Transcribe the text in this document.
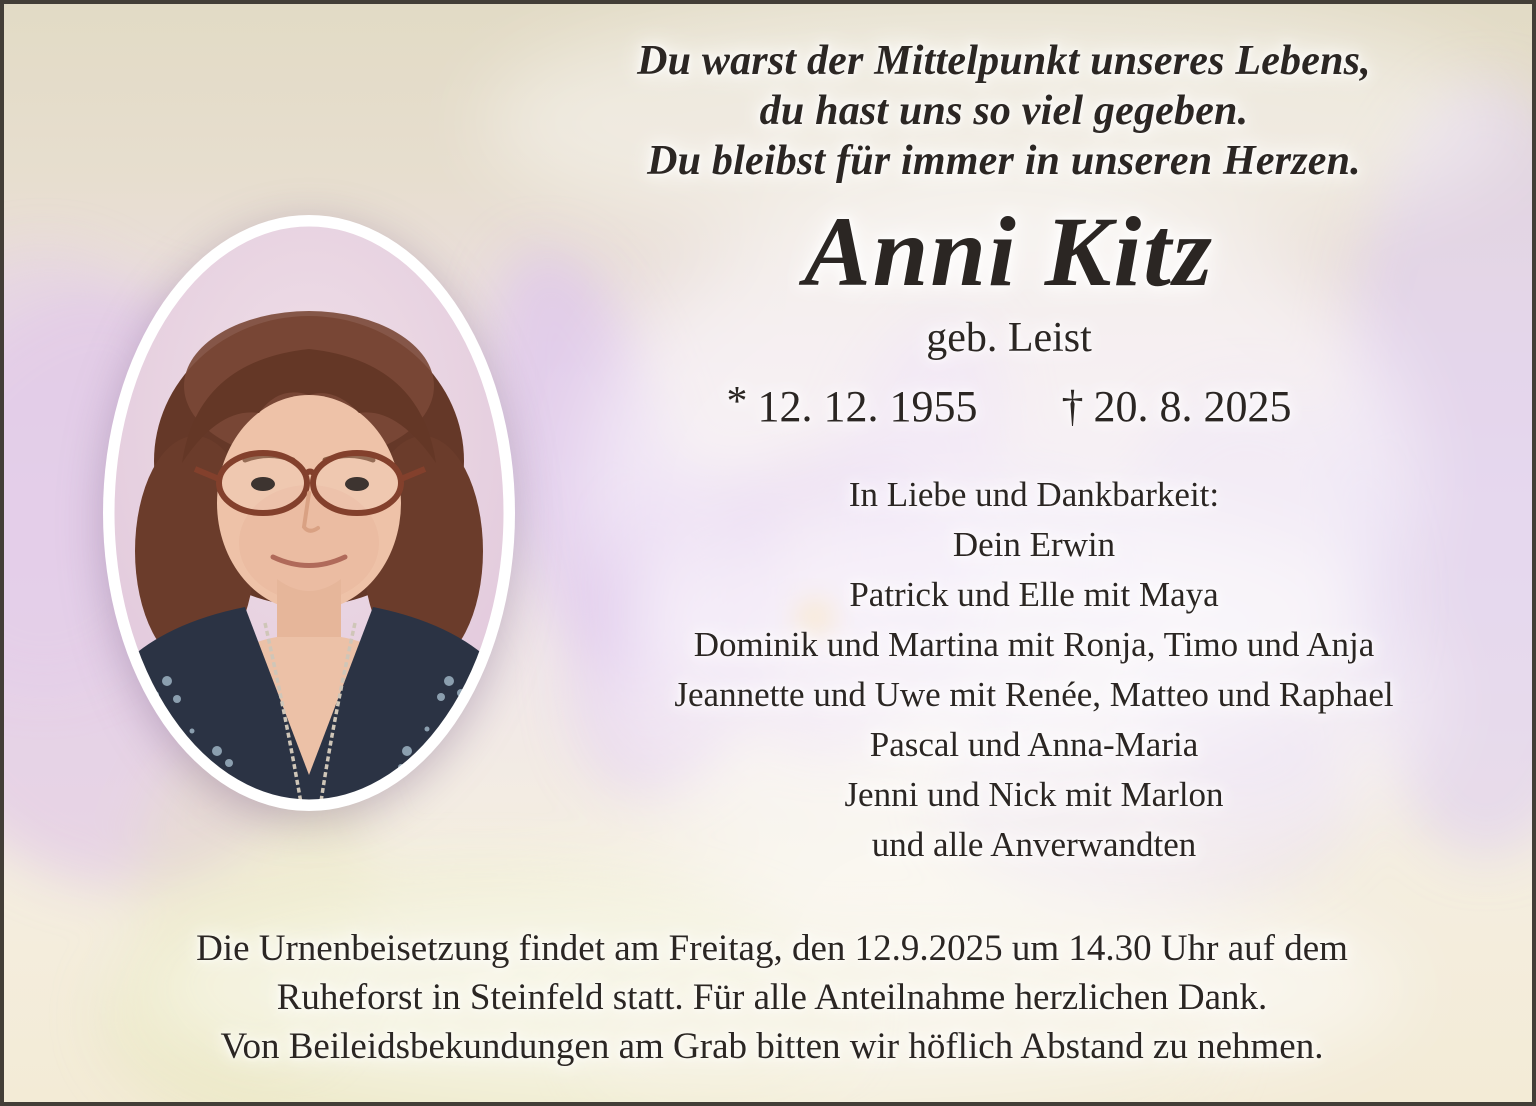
Du warst der Mittelpunkt unseres Lebens,
du hast uns so viel gegeben.
Du bleibst für immer in unseren Herzen.
Anni Kitz
geb. Leist
* 12. 12. 1955 † 20. 8. 2025
In Liebe und Dankbarkeit:
Dein Erwin
Patrick und Elle mit Maya
Dominik und Martina mit Ronja, Timo und Anja
Jeannette und Uwe mit Renée, Matteo und Raphael
Pascal und Anna-Maria
Jenni und Nick mit Marlon
und alle Anverwandten
Die Urnenbeisetzung findet am Freitag, den 12.9.2025 um 14.30 Uhr auf dem
Ruheforst in Steinfeld statt. Für alle Anteilnahme herzlichen Dank.
Von Beileidsbekundungen am Grab bitten wir höflich Abstand zu nehmen.
